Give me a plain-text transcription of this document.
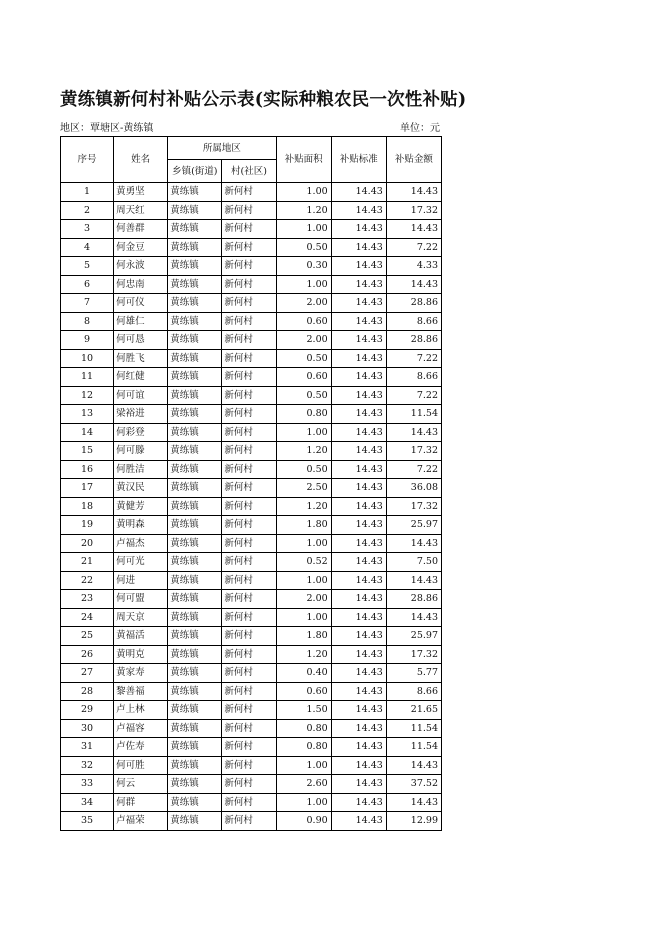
黄练镇新何村补贴公示表(实际种粮农民一次性补贴)
地区：覃塘区-黄练镇	单位：元
序号	姓名	所属地区		补贴面积	补贴标准	补贴金额
		乡镇(街道)	村(社区)			
1	黄勇坚	黄练镇	新何村	1.00	14.43	14.43
2	周天红	黄练镇	新何村	1.20	14.43	17.32
3	何善群	黄练镇	新何村	1.00	14.43	14.43
4	何金豆	黄练镇	新何村	0.50	14.43	7.22
5	何永波	黄练镇	新何村	0.30	14.43	4.33
6	何忠南	黄练镇	新何村	1.00	14.43	14.43
7	何可仪	黄练镇	新何村	2.00	14.43	28.86
8	何雄仁	黄练镇	新何村	0.60	14.43	8.66
9	何可恳	黄练镇	新何村	2.00	14.43	28.86
10	何胜飞	黄练镇	新何村	0.50	14.43	7.22
11	何红健	黄练镇	新何村	0.60	14.43	8.66
12	何可谊	黄练镇	新何村	0.50	14.43	7.22
13	梁裕进	黄练镇	新何村	0.80	14.43	11.54
14	何彩登	黄练镇	新何村	1.00	14.43	14.43
15	何可滕	黄练镇	新何村	1.20	14.43	17.32
16	何胜洁	黄练镇	新何村	0.50	14.43	7.22
17	黄汉民	黄练镇	新何村	2.50	14.43	36.08
18	黄健芳	黄练镇	新何村	1.20	14.43	17.32
19	黄明森	黄练镇	新何村	1.80	14.43	25.97
20	卢福杰	黄练镇	新何村	1.00	14.43	14.43
21	何可光	黄练镇	新何村	0.52	14.43	7.50
22	何进	黄练镇	新何村	1.00	14.43	14.43
23	何可盟	黄练镇	新何村	2.00	14.43	28.86
24	周天京	黄练镇	新何村	1.00	14.43	14.43
25	黄福活	黄练镇	新何村	1.80	14.43	25.97
26	黄明克	黄练镇	新何村	1.20	14.43	17.32
27	黄家寿	黄练镇	新何村	0.40	14.43	5.77
28	黎善福	黄练镇	新何村	0.60	14.43	8.66
29	卢上林	黄练镇	新何村	1.50	14.43	21.65
30	卢福容	黄练镇	新何村	0.80	14.43	11.54
31	卢佐寿	黄练镇	新何村	0.80	14.43	11.54
32	何可胜	黄练镇	新何村	1.00	14.43	14.43
33	何云	黄练镇	新何村	2.60	14.43	37.52
34	何群	黄练镇	新何村	1.00	14.43	14.43
35	卢福荣	黄练镇	新何村	0.90	14.43	12.99
